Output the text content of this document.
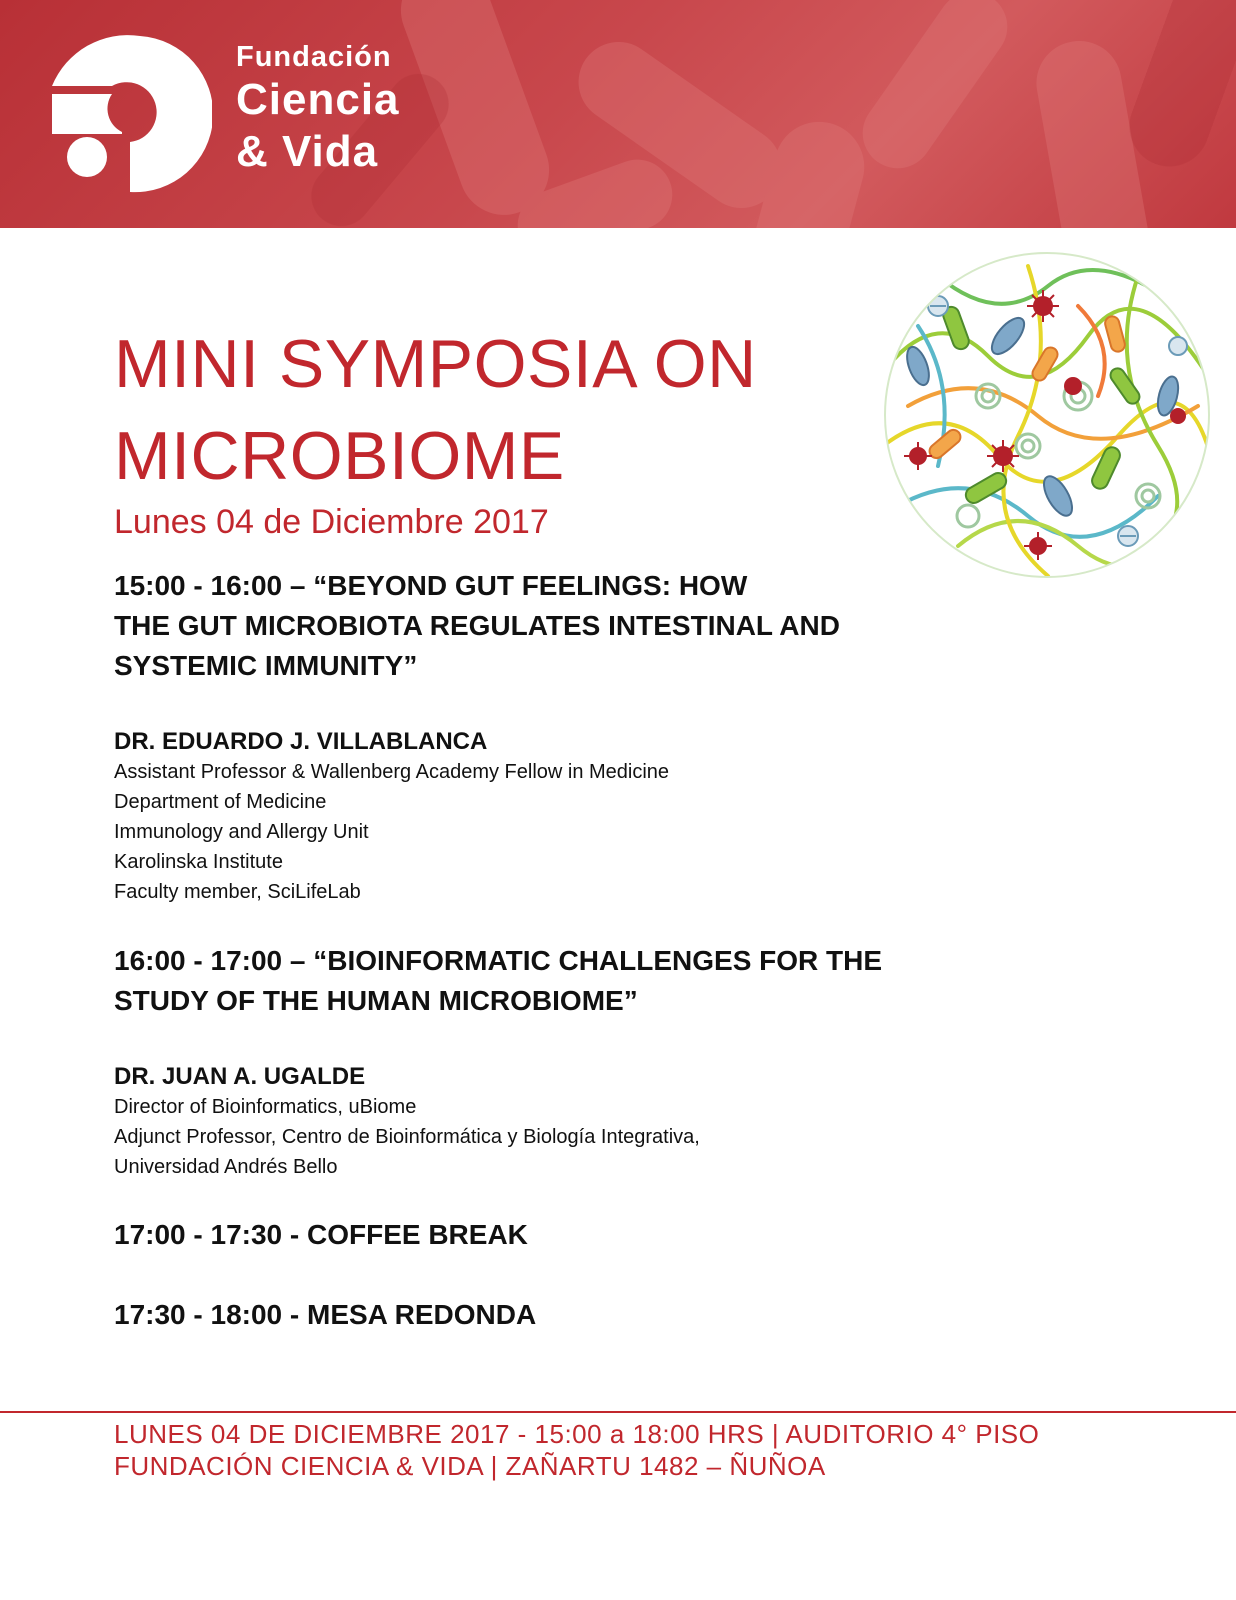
Fundación
Ciencia
& Vida
MINI SYMPOSIA ON MICROBIOME
Lunes 04 de Diciembre 2017
15:00 - 16:00 – “BEYOND GUT FEELINGS: HOW
THE GUT MICROBIOTA REGULATES INTESTINAL AND
SYSTEMIC IMMUNITY”
DR. EDUARDO J. VILLABLANCA
Assistant Professor & Wallenberg Academy Fellow in Medicine
Department of Medicine
Immunology and Allergy Unit
Karolinska Institute
Faculty member, SciLifeLab
16:00 - 17:00 – “BIOINFORMATIC CHALLENGES FOR THE
STUDY OF THE HUMAN MICROBIOME”
DR. JUAN A. UGALDE
Director of Bioinformatics, uBiome
Adjunct Professor, Centro de Bioinformática y Biología Integrativa,
Universidad Andrés Bello
17:00 - 17:30 - COFFEE BREAK
17:30 - 18:00 - MESA REDONDA
LUNES 04 DE DICIEMBRE 2017 - 15:00 a 18:00 HRS | AUDITORIO 4° PISO
FUNDACIÓN CIENCIA & VIDA | ZAÑARTU 1482 – ÑUÑOA
